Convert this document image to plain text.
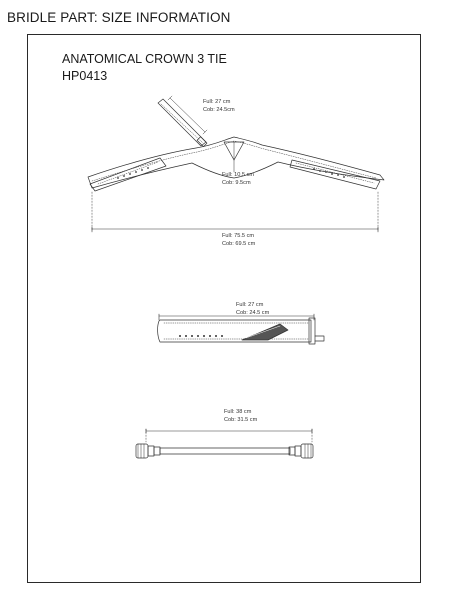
BRIDLE PART: SIZE INFORMATION
ANATOMICAL CROWN 3 TIE
HP0413
Full: 27 cm
Cob: 24.5cm
Full: 10.5 cm
Cob: 9.5cm
Full: 75.5 cm
Cob: 69.5 cm
Full: 27 cm
Cob: 24.5 cm
Full: 38 cm
Cob: 31.5 cm
